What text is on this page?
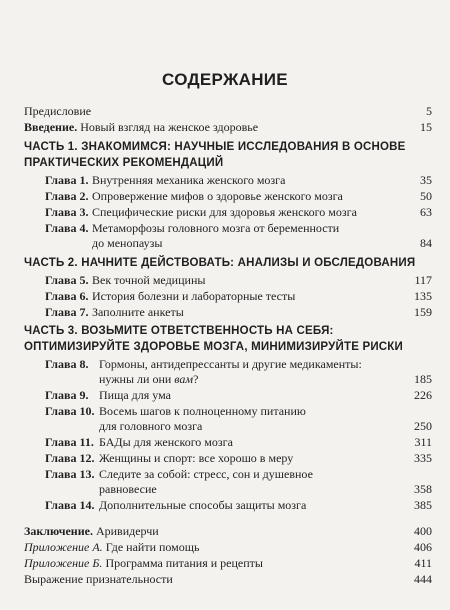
СОДЕРЖАНИЕ
Предисловие	5
Введение. Новый взгляд на женское здоровье	15
ЧАСТЬ 1. ЗНАКОМИМСЯ: НАУЧНЫЕ ИССЛЕДОВАНИЯ В ОСНОВЕ
ПРАКТИЧЕСКИХ РЕКОМЕНДАЦИЙ
Глава 1. Внутренняя механика женского мозга	35
Глава 2. Опровержение мифов о здоровье женского мозга	50
Глава 3. Специфические риски для здоровья женского мозга	63
Глава 4. Метаморфозы головного мозга от беременности
до менопаузы	84
ЧАСТЬ 2. НАЧНИТЕ ДЕЙСТВОВАТЬ: АНАЛИЗЫ И ОБСЛЕДОВАНИЯ
Глава 5. Век точной медицины	117
Глава 6. История болезни и лабораторные тесты	135
Глава 7. Заполните анкеты	159
ЧАСТЬ 3. ВОЗЬМИТЕ ОТВЕТСТВЕННОСТЬ НА СЕБЯ:
ОПТИМИЗИРУЙТЕ ЗДОРОВЬЕ МОЗГА, МИНИМИЗИРУЙТЕ РИСКИ
Глава 8. Гормоны, антидепрессанты и другие медикаменты:
нужны ли они вам?	185
Глава 9. Пища для ума	226
Глава 10. Восемь шагов к полноценному питанию
для головного мозга	250
Глава 11. БАДы для женского мозга	311
Глава 12. Женщины и спорт: все хорошо в меру	335
Глава 13. Следите за собой: стресс, сон и душевное
равновесие	358
Глава 14. Дополнительные способы защиты мозга	385
Заключение. Аривидерчи	400
Приложение А. Где найти помощь	406
Приложение Б. Программа питания и рецепты	411
Выражение признательности	444
